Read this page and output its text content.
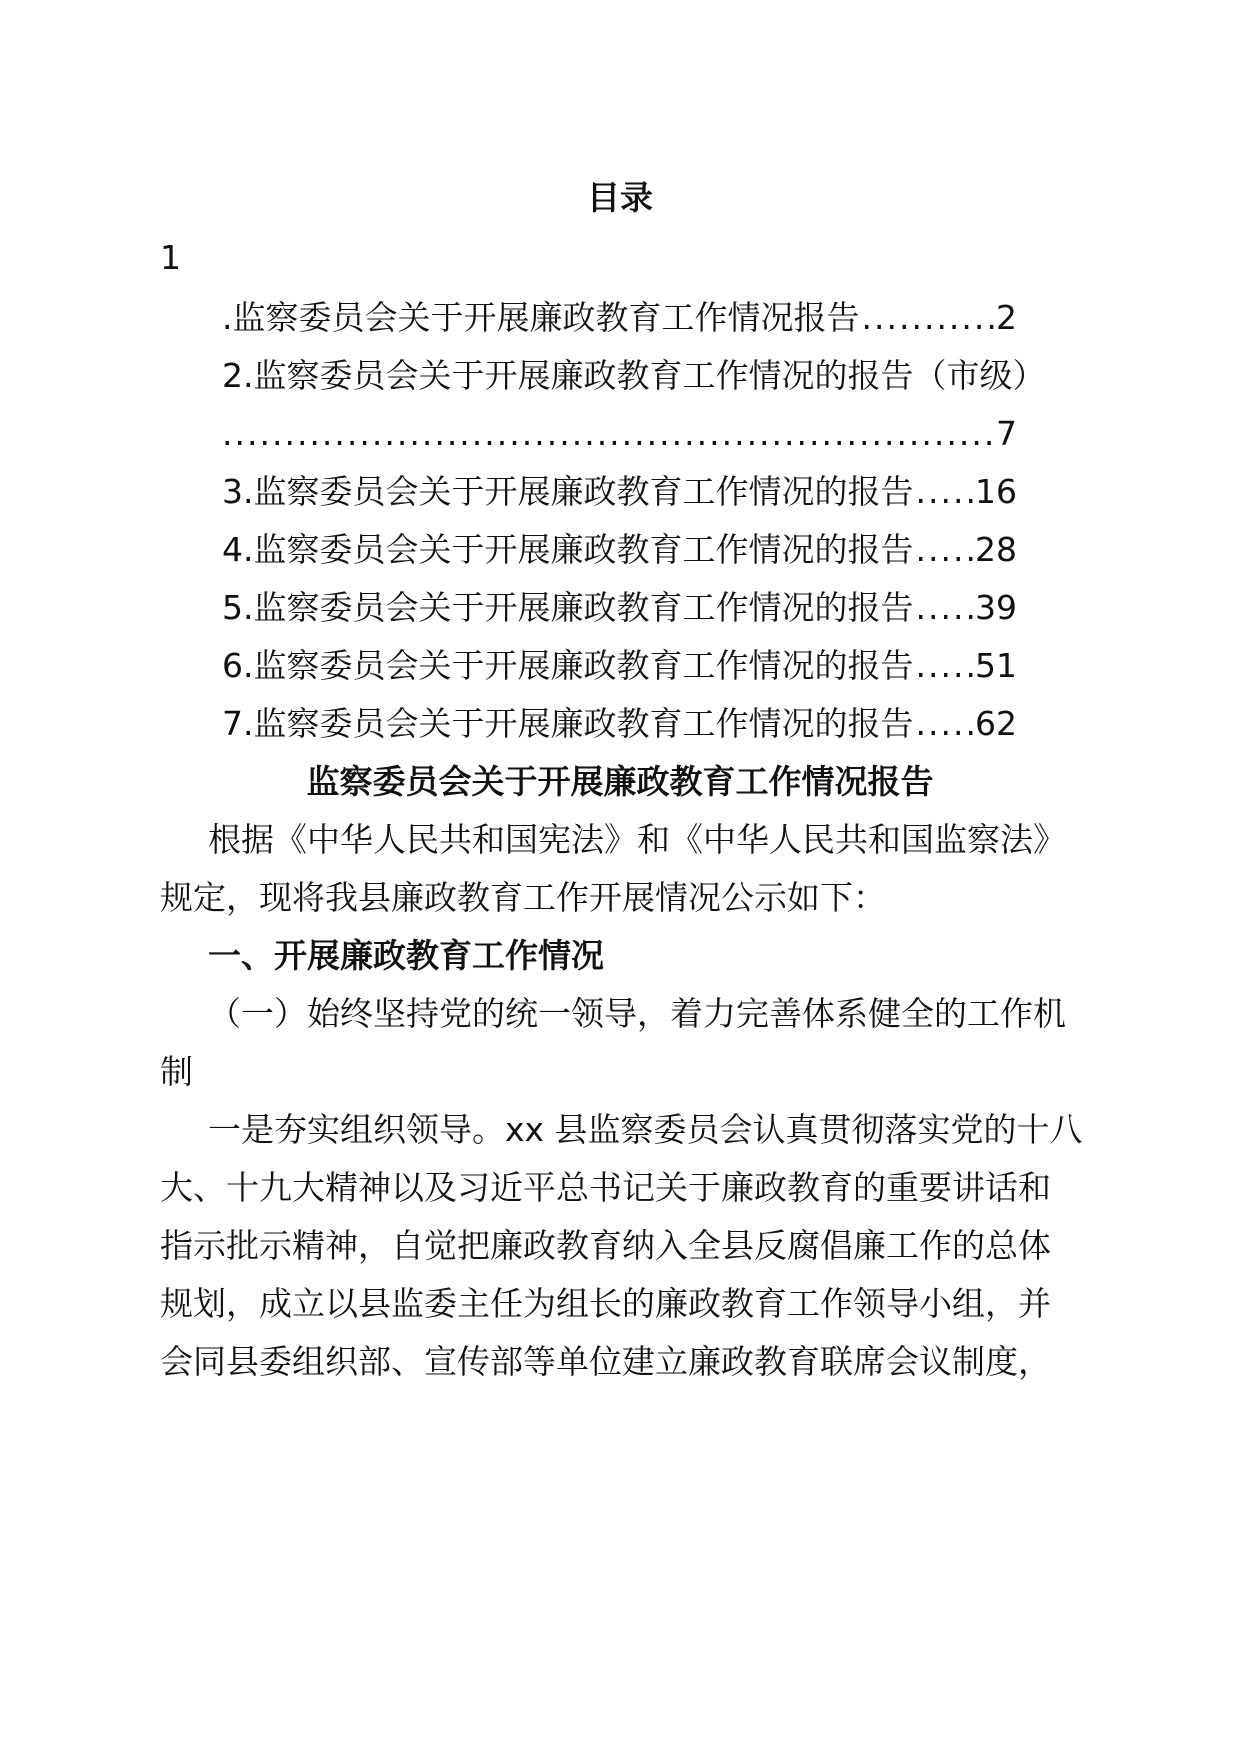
目录
1
.监察委员会关于开展廉政教育工作情况报告 .....	2
2.监察委员会关于开展廉政教育工作情况的报告（市级）
.....
7
3.监察委员会关于开展廉政教育工作情况的报告 ..... 16
4.监察委员会关于开展廉政教育工作情况的报告 ..... 28
5.监察委员会关于开展廉政教育工作情况的报告 ..... 39
6.监察委员会关于开展廉政教育工作情况的报告 ..... 51
7.监察委员会关于开展廉政教育工作情况的报告 ..... 62
监察委员会关于开展廉政教育工作情况报告
根据《中华人民共和国宪法》和《中华人民共和国监察法》
规定，现将我县廉政教育工作开展情况公示如下：
一、开展廉政教育工作情况
（一）始终坚持党的统一领导，着力完善体系健全的工作机
制
一是夯实组织领导。xx 县监察委员会认真贯彻落实党的十八
大、十九大精神以及习近平总书记关于廉政教育的重要讲话和
指示批示精神，自觉把廉政教育纳入全县反腐倡廉工作的总体
规划，成立以县监委主任为组长的廉政教育工作领导小组，并
会同县委组织部、宣传部等单位建立廉政教育联席会议制度，
